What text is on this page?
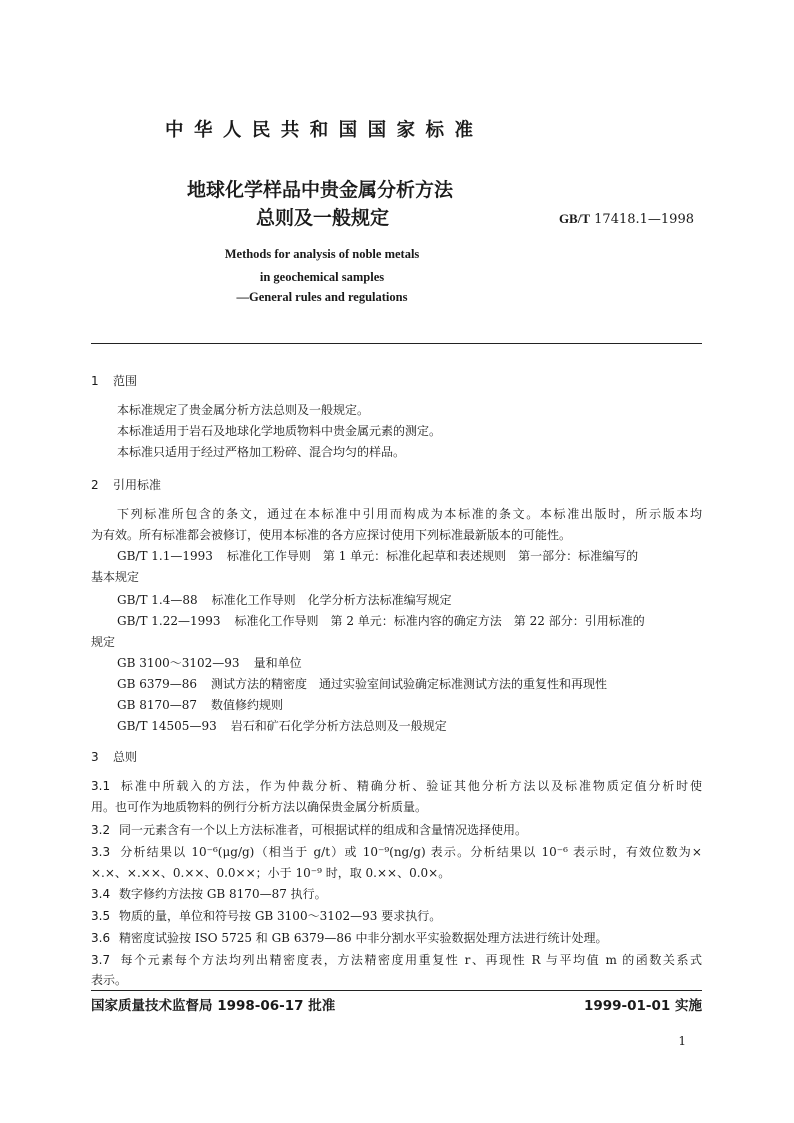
中 华 人 民 共 和 国 国 家 标 准
地球化学样品中贵金属分析方法
总则及一般规定	GB/T 17418.1—1998
Methods for analysis of noble metals
in geochemical samples
—General rules and regulations
1 范围
本标准规定了贵金属分析方法总则及一般规定。
本标准适用于岩石及地球化学地质物料中贵金属元素的测定。
本标准只适用于经过严格加工粉碎、混合均匀的样品。
2 引用标准
下列标准所包含的条文，通过在本标准中引用而构成为本标准的条文。本标准出版时，所示版本均
为有效。所有标准都会被修订，使用本标准的各方应探讨使用下列标准最新版本的可能性。
GB/T 1.1—1993 标准化工作导则　第 1 单元：标准化起草和表述规则　第一部分：标准编写的
基本规定
GB/T 1.4—88 标准化工作导则　化学分析方法标准编写规定
GB/T 1.22—1993 标准化工作导则　第 2 单元：标准内容的确定方法　第 22 部分：引用标准的
规定
GB 3100～3102—93 量和单位
GB 6379—86 测试方法的精密度　通过实验室间试验确定标准测试方法的重复性和再现性
GB 8170—87 数值修约规则
GB/T 14505—93 岩石和矿石化学分析方法总则及一般规定
3 总则
3.1 标准中所载入的方法，作为仲裁分析、精确分析、验证其他分析方法以及标准物质定值分析时使
用。也可作为地质物料的例行分析方法以确保贵金属分析质量。
3.2 同一元素含有一个以上方法标准者，可根据试样的组成和含量情况选择使用。
3.3 分析结果以 10⁻⁶(μg/g)（相当于 g/t）或 10⁻⁹(ng/g) 表示。分析结果以 10⁻⁶ 表示时，有效位数为×
×.×、×.××、0.××、0.0××；小于 10⁻⁹ 时，取 0.××、0.0×。
3.4 数字修约方法按 GB 8170—87 执行。
3.5 物质的量，单位和符号按 GB 3100～3102—93 要求执行。
3.6 精密度试验按 ISO 5725 和 GB 6379—86 中非分割水平实验数据处理方法进行统计处理。
3.7 每个元素每个方法均列出精密度表，方法精密度用重复性 r、再现性 R 与平均值 m 的函数关系式
表示。
国家质量技术监督局 1998-06-17 批准	1999-01-01 实施
1
